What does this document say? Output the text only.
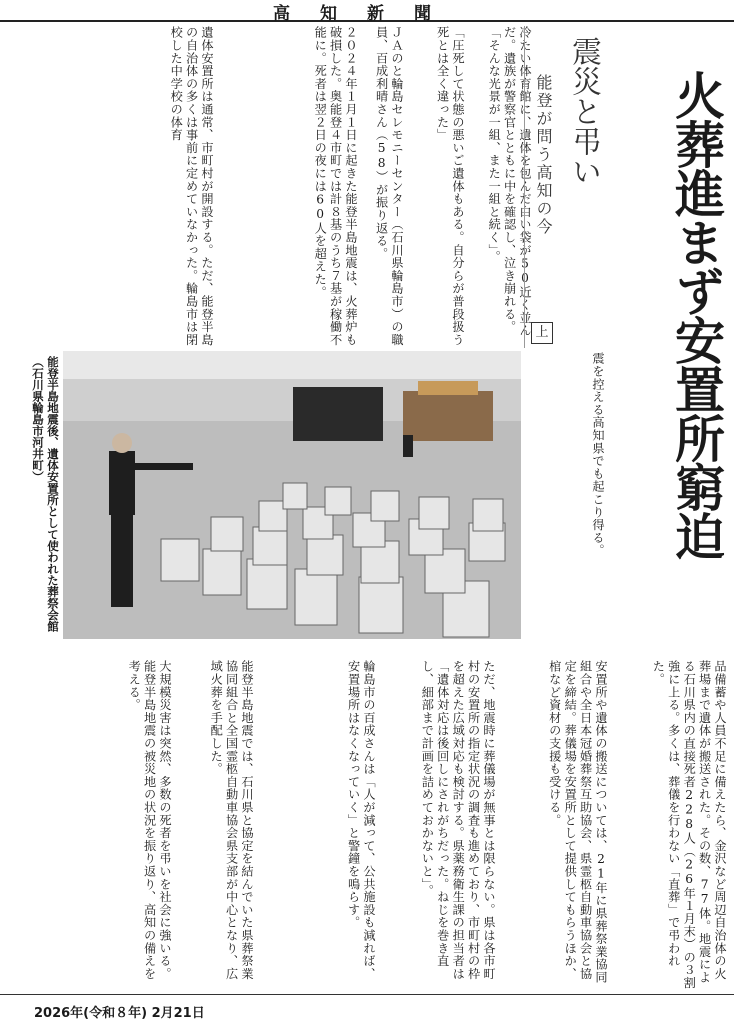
高知新聞
冷たい体育館に、遺体を包んだ白い袋が50近く並んだ。遺族が警察官とともに中を確認し、泣き崩れる。「そんな光景が一組、また一組と続く」。
「圧死して状態の悪いご遺体もある。自分らが普段扱う死とは全く違った」
ＪＡのと輪島セレモニーセンター（石川県輪島市）の職員、百成利晴さん（58）が振り返る。
２０２４年１月１日に起きた能登半島地震は、火葬炉も破損した。奥能登４市町では計８基のうち７基が稼働不能に。死者は翌２日の夜には60人を超えた。
遺体安置所は通常、市町村が開設する。ただ、能登半島の自治体の多くは事前に定めていなかった。輪島市は閉校した中学校の体育	震災と弔い
能登が問う高知の今
上	火葬進まず安置所窮迫
能登半島地震後、遺体安置所として使われた葬祭会館（石川県輪島市河井町）	震を控える高知県でも起こり得る。
品備蓄や人員不足に備えたら、金沢など周辺自治体の火葬場まで遺体が搬送された。その数、77体。地震による石川県内の直接死者228人（26年１月末）の３割強に上る。多くは、葬儀を行わない「直葬」で弔われた。
安置所や遺体の搬送については、21年に県葬祭業協同組合や全日本冠婚葬祭互助協会、県霊柩自動車協会と協定を締結。葬儀場を安置所として提供してもらうほか、棺など資材の支援も受ける。
ただ、地震時に葬儀場が無事とは限らない。県は各市町村の安置所の指定状況の調査も進めており、市町村の枠を超えた広域対応も検討する。県薬務衛生課の担当者は「遺体対応は後回しにされがちだった。ねじを巻き直し、細部まで計画を詰めておかないと」。
輪島市の百成さんは「人が減って、公共施設も減れば、安置場所はなくなっていく」と警鐘を鳴らす。
能登半島地震では、石川県と協定を結んでいた県葬祭業協同組合と全国霊柩自動車協会県支部が中心となり、広域火葬を手配した。
大規模災害は突然、多数の死者を弔いを社会に強いる。能登半島地震の被災地の状況を振り返り、高知の備えを考える。
2026年(令和８年) 2月21日
